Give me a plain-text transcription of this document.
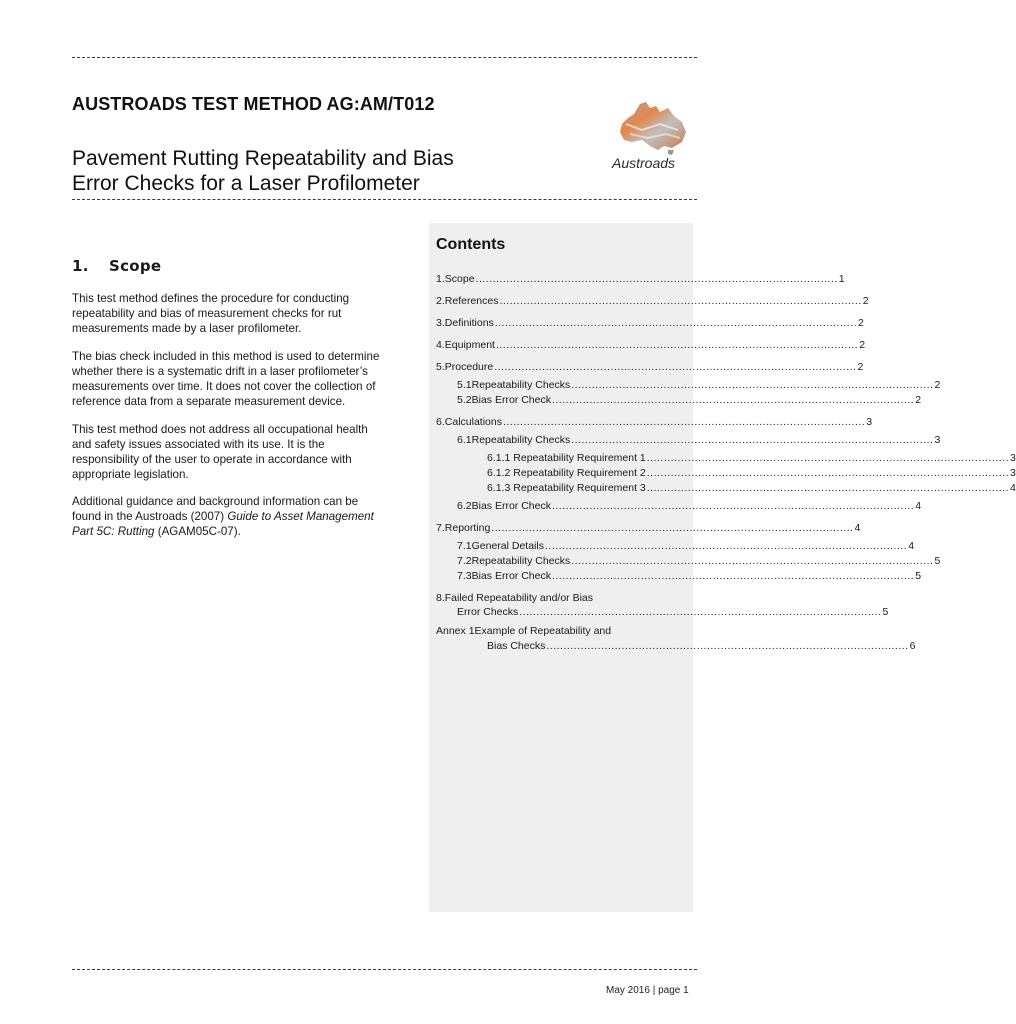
AUSTROADS TEST METHOD AG:AM/T012
Pavement Rutting Repeatability and Bias
Error Checks for a Laser Profilometer
Austroads
1. Scope
This test method defines the procedure for conducting
repeatability and bias of measurement checks for rut
measurements made by a laser profilometer.
The bias check included in this method is used to determine
whether there is a systematic drift in a laser profilometer’s
measurements over time. It does not cover the collection of
reference data from a separate measurement device.
This test method does not address all occupational health
and safety issues associated with its use. It is the
responsibility of the user to operate in accordance with
appropriate legislation.
Additional guidance and background information can be
found in the Austroads (2007) Guide to Asset Management
Part 5C: Rutting (AGAM05C-07).
Contents
1. Scope .......................................................................................................... 1
2. References .......................................................................................................... 2
3. Definitions .......................................................................................................... 2
4. Equipment .......................................................................................................... 2
5. Procedure .......................................................................................................... 2
5.1 Repeatability Checks .......................................................................................................... 2
5.2 Bias Error Check .......................................................................................................... 2
6. Calculations .......................................................................................................... 3
6.1 Repeatability Checks .......................................................................................................... 3
6.1.1 Repeatability Requirement 1 .......................................................................................................... 3
6.1.2 Repeatability Requirement 2 .......................................................................................................... 3
6.1.3 Repeatability Requirement 3 .......................................................................................................... 4
6.2 Bias Error Check .......................................................................................................... 4
7. Reporting .......................................................................................................... 4
7.1 General Details .......................................................................................................... 4
7.2 Repeatability Checks .......................................................................................................... 5
7.3 Bias Error Check .......................................................................................................... 5
8.Failed Repeatability and/or Bias
Error Checks .......................................................................................................... 5
Annex 1Example of Repeatability and
Bias Checks .......................................................................................................... 6
May 2016 | page 1
